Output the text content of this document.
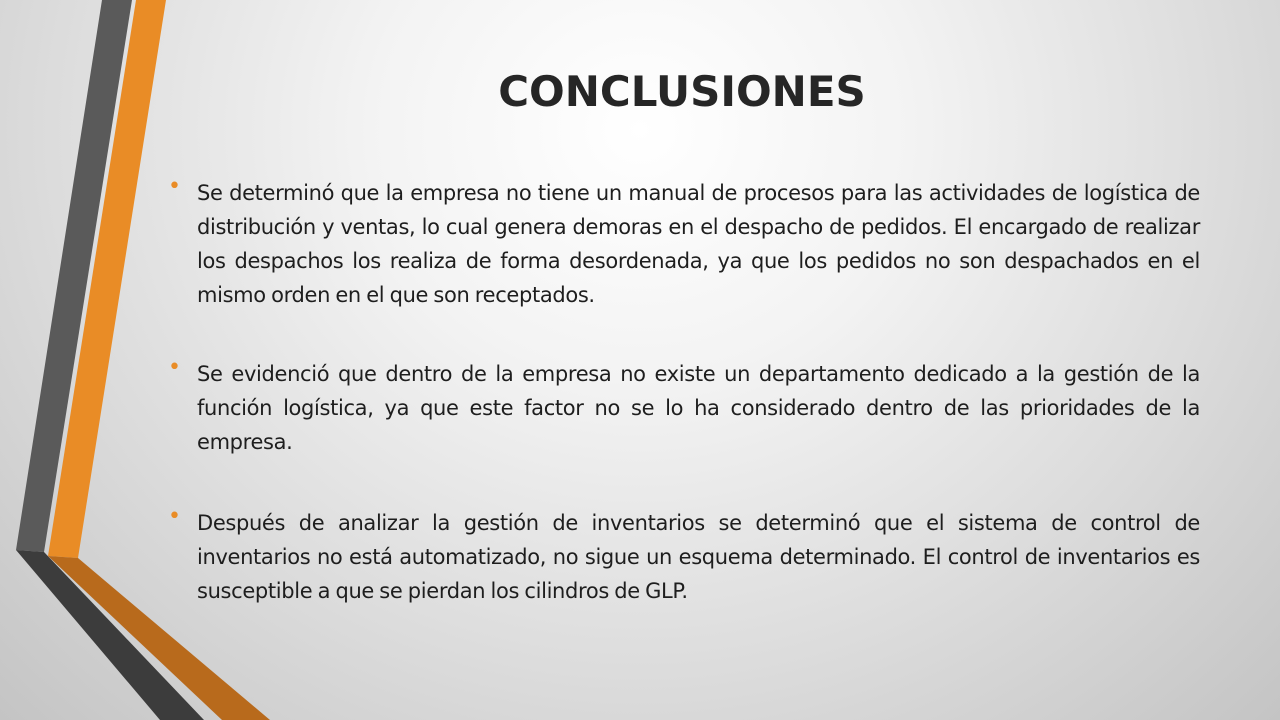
CONCLUSIONES
• Se determinó que la empresa no tiene un manual de procesos para las actividades de logística de distribución y ventas, lo cual genera demoras en el despacho de pedidos. El encargado de realizar los despachos los realiza de forma desordenada, ya que los pedidos no son despachados en el mismo orden en el que son receptados.
• Se evidenció que dentro de la empresa no existe un departamento dedicado a la gestión de la función logística, ya que este factor no se lo ha considerado dentro de las prioridades de la empresa.
• Después de analizar la gestión de inventarios se determinó que el sistema de control de inventarios no está automatizado, no sigue un esquema determinado. El control de inventarios es susceptible a que se pierdan los cilindros de GLP.
